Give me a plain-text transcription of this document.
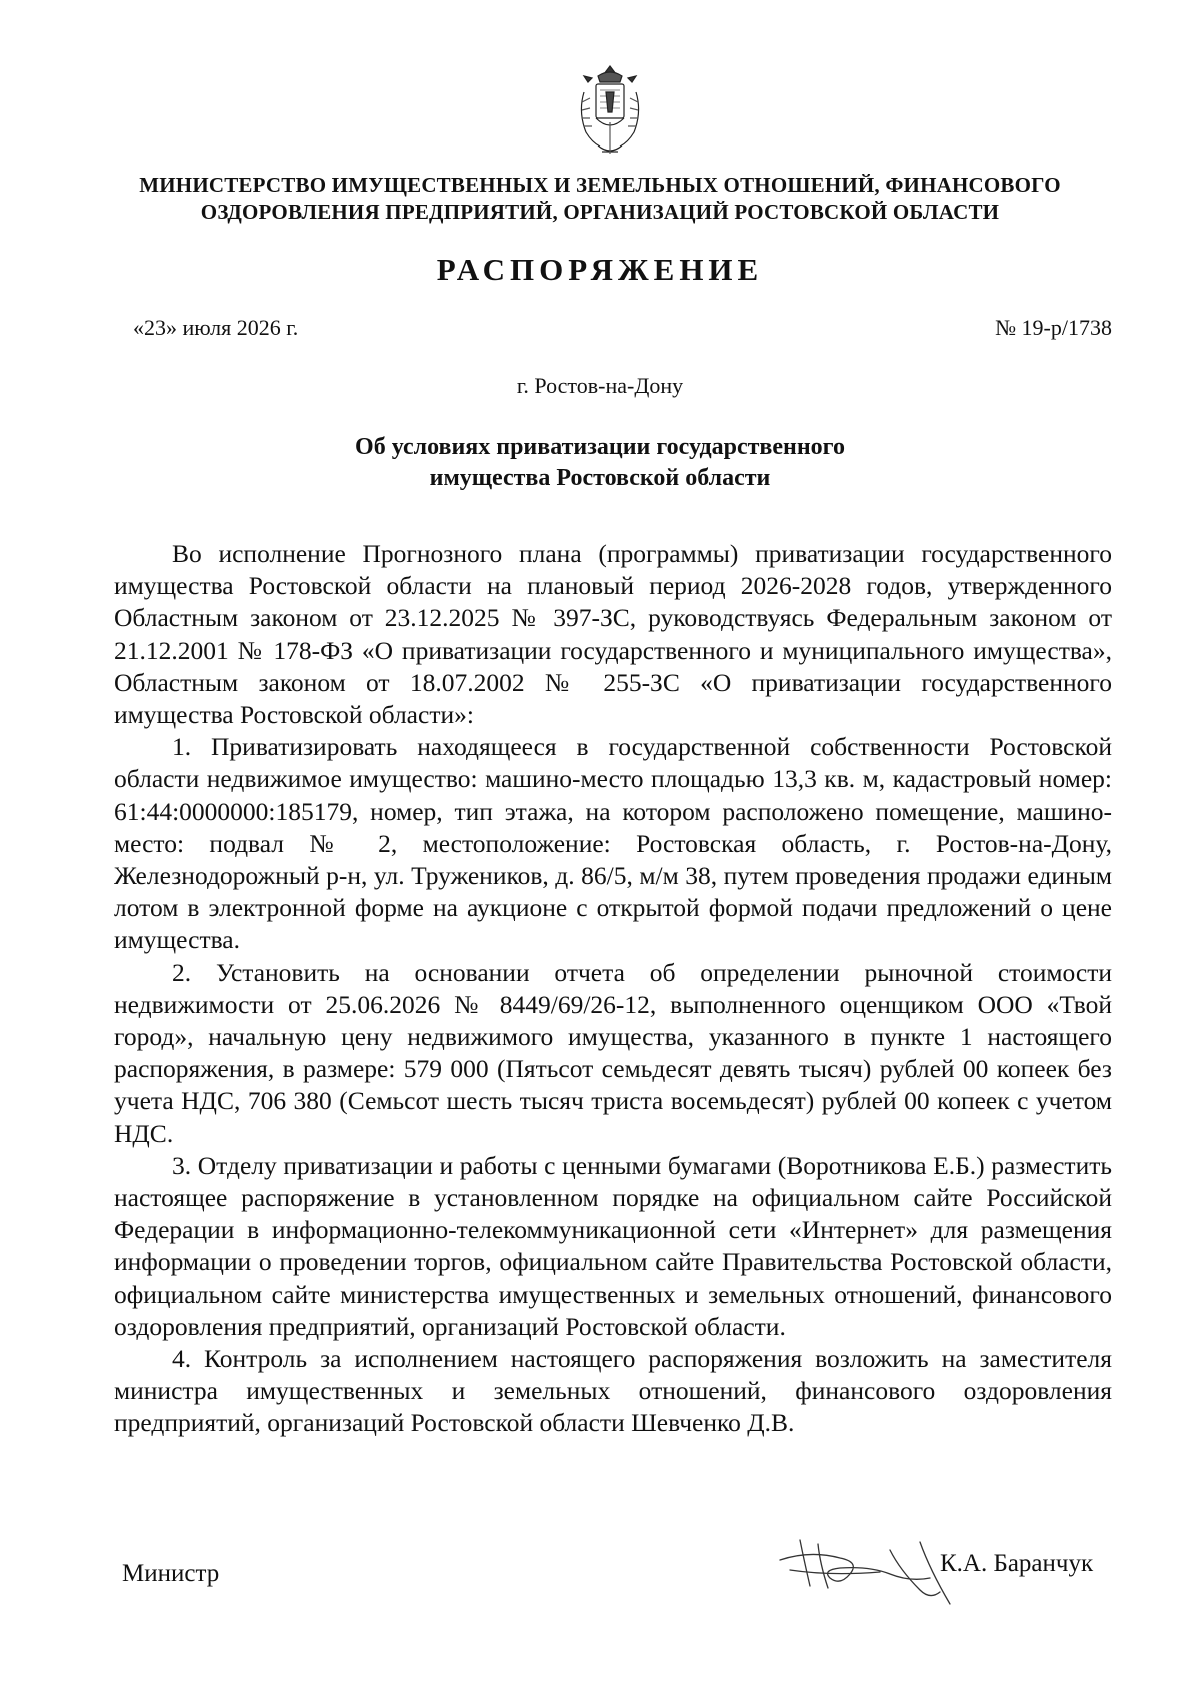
МИНИСТЕРСТВО ИМУЩЕСТВЕННЫХ И ЗЕМЕЛЬНЫХ ОТНОШЕНИЙ, ФИНАНСОВОГО
ОЗДОРОВЛЕНИЯ ПРЕДПРИЯТИЙ, ОРГАНИЗАЦИЙ РОСТОВСКОЙ ОБЛАСТИ
РАСПОРЯЖЕНИЕ
«23» июля 2026 г.	№ 19-р/1738
г. Ростов-на-Дону
Об условиях приватизации государственного
имущества Ростовской области

Во исполнение Прогнозного плана (программы) приватизации государственного имущества Ростовской области на плановый период 2026-2028 годов, утвержденного Областным законом от 23.12.2025 № 397-ЗС, руководствуясь Федеральным законом от 21.12.2001 № 178-ФЗ «О приватизации государственного и муниципального имущества», Областным законом от 18.07.2002 № 255-ЗС «О приватизации государственного имущества Ростовской области»:

1. Приватизировать находящееся в государственной собственности Ростовской области недвижимое имущество: машино-место площадью 13,3 кв. м, кадастровый номер: 61:44:0000000:185179, номер, тип этажа, на котором расположено помещение, машино-место: подвал № 2, местоположение: Ростовская область, г. Ростов-на-Дону, Железнодорожный р-н, ул. Тружеников, д. 86/5, м/м 38, путем проведения продажи единым лотом в электронной форме на аукционе с открытой формой подачи предложений о цене имущества.

2. Установить на основании отчета об определении рыночной стоимости недвижимости от 25.06.2026 № 8449/69/26-12, выполненного оценщиком ООО «Твой город», начальную цену недвижимого имущества, указанного в пункте 1 настоящего распоряжения, в размере: 579 000 (Пятьсот семьдесят девять тысяч) рублей 00 копеек без учета НДС, 706 380 (Семьсот шесть тысяч триста восемьдесят) рублей 00 копеек с учетом НДС.

3. Отделу приватизации и работы с ценными бумагами (Воротникова Е.Б.) разместить настоящее распоряжение в установленном порядке на официальном сайте Российской Федерации в информационно-телекоммуникационной сети «Интернет» для размещения информации о проведении торгов, официальном сайте Правительства Ростовской области, официальном сайте министерства имущественных и земельных отношений, финансового оздоровления предприятий, организаций Ростовской области.

4. Контроль за исполнением настоящего распоряжения возложить на заместителя министра имущественных и земельных отношений, финансового оздоровления предприятий, организаций Ростовской области Шевченко Д.В.

Министр	К.А. Баранчук
